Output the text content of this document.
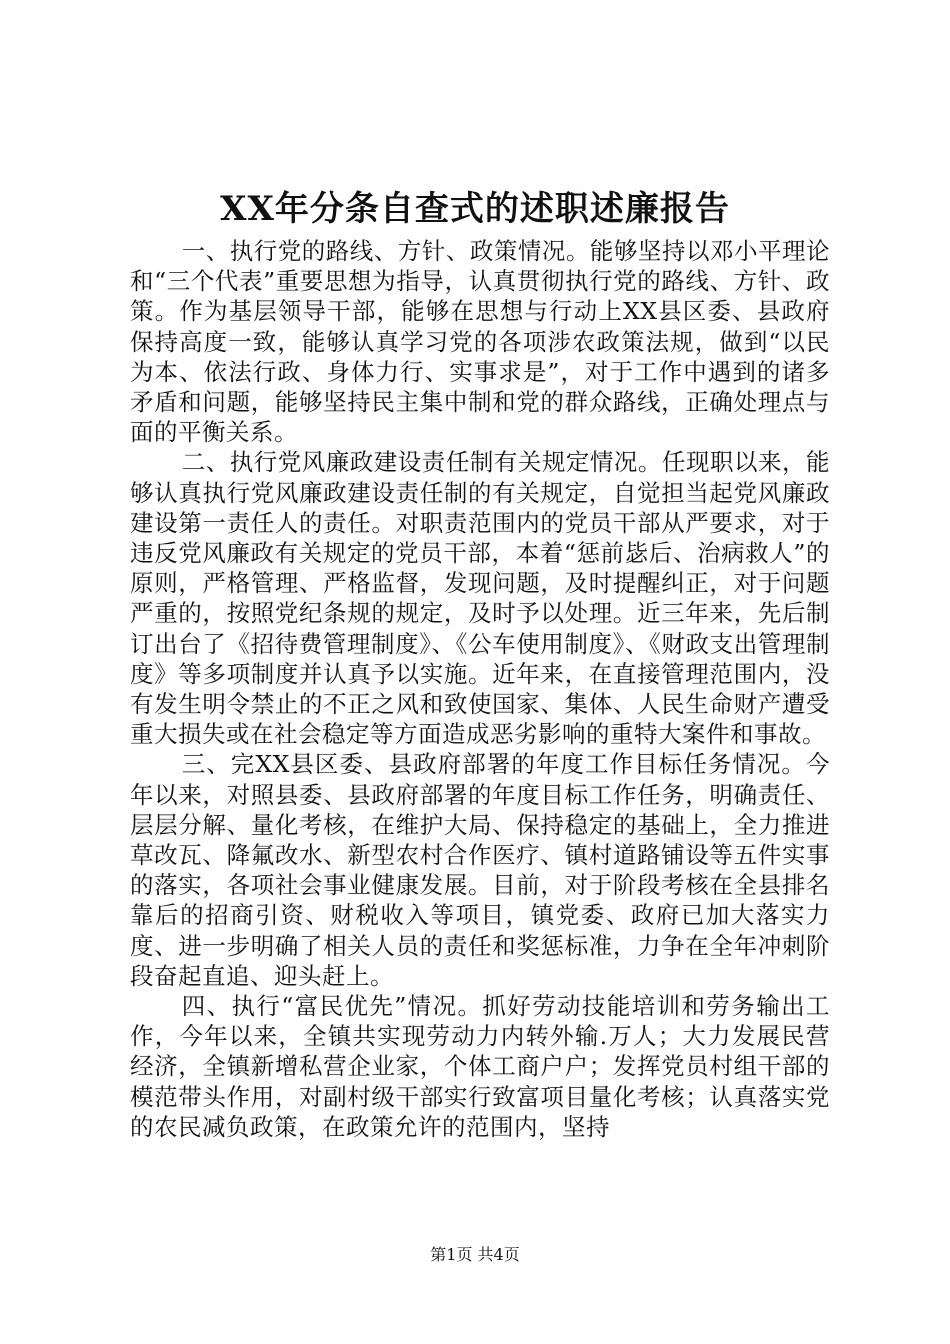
XX年分条自查式的述职述廉报告

一、执行党的路线、方针、政策情况。能够坚持以邓小平理论和“三个代表”重要思想为指导，认真贯彻执行党的路线、方针、政策。作为基层领导干部，能够在思想与行动上XX县区委、县政府保持高度一致，能够认真学习党的各项涉农政策法规，做到“以民为本、依法行政、身体力行、实事求是”，对于工作中遇到的诸多矛盾和问题，能够坚持民主集中制和党的群众路线，正确处理点与面的平衡关系。

二、执行党风廉政建设责任制有关规定情况。任现职以来，能够认真执行党风廉政建设责任制的有关规定，自觉担当起党风廉政建设第一责任人的责任。对职责范围内的党员干部从严要求，对于违反党风廉政有关规定的党员干部，本着“惩前毖后、治病救人”的原则，严格管理、严格监督，发现问题，及时提醒纠正，对于问题严重的，按照党纪条规的规定，及时予以处理。近三年来，先后制订出台了《招待费管理制度》、《公车使用制度》、《财政支出管理制度》等多项制度并认真予以实施。近年来，在直接管理范围内，没有发生明令禁止的不正之风和致使国家、集体、人民生命财产遭受重大损失或在社会稳定等方面造成恶劣影响的重特大案件和事故。

三、完XX县区委、县政府部署的年度工作目标任务情况。今年以来，对照县委、县政府部署的年度目标工作任务，明确责任、层层分解、量化考核，在维护大局、保持稳定的基础上，全力推进草改瓦、降氟改水、新型农村合作医疗、镇村道路铺设等五件实事的落实，各项社会事业健康发展。目前，对于阶段考核在全县排名靠后的招商引资、财税收入等项目，镇党委、政府已加大落实力度、进一步明确了相关人员的责任和奖惩标准，力争在全年冲刺阶段奋起直追、迎头赶上。

四、执行“富民优先”情况。抓好劳动技能培训和劳务输出工作，今年以来，全镇共实现劳动力内转外输.万人；大力发展民营经济，全镇新增私营企业家，个体工商户户；发挥党员村组干部的模范带头作用，对副村级干部实行致富项目量化考核；认真落实党的农民减负政策，在政策允许的范围内，坚持

第1页 共4页
